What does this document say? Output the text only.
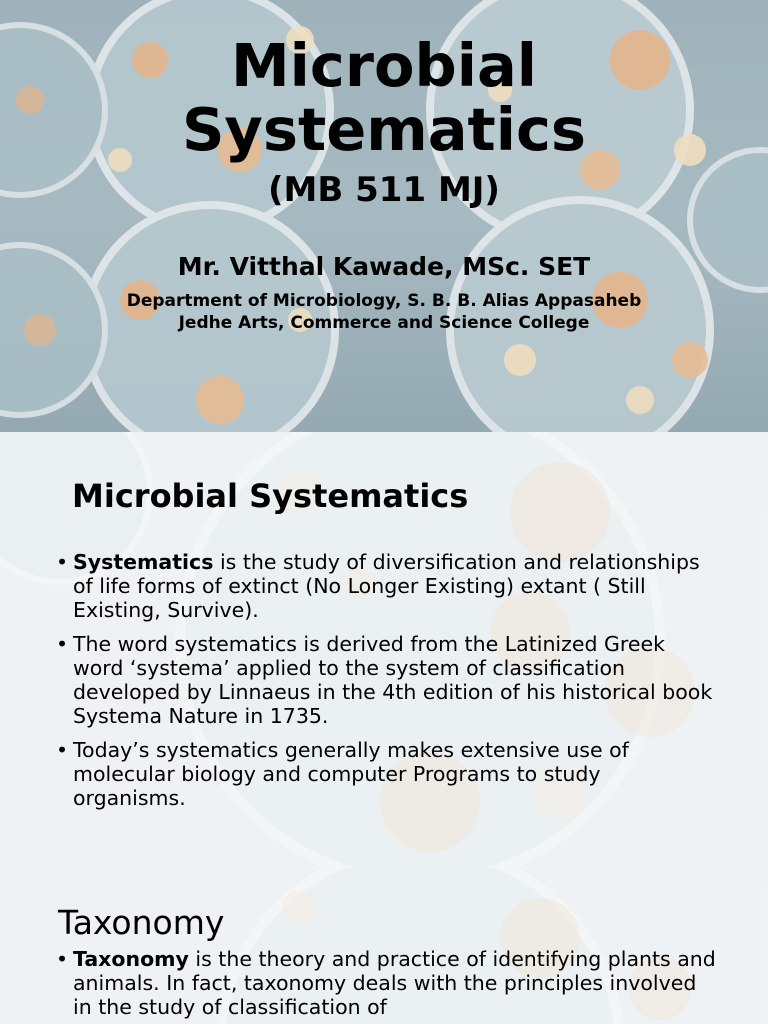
Microbial
Systematics
(MB 511 MJ)
Mr. Vitthal Kawade, MSc. SET
Department of Microbiology, S. B. B. Alias Appasaheb Jedhe Arts, Commerce and Science College
Microbial Systematics
• Systematics is the study of diversification and relationships of life forms of extinct (No Longer Existing) extant ( Still Existing, Survive).
• The word systematics is derived from the Latinized Greek word ‘systema’ applied to the system of classification developed by Linnaeus in the 4th edition of his historical book Systema Nature in 1735.
• Today’s systematics generally makes extensive use of molecular biology and computer Programs to study organisms.
Taxonomy
• Taxonomy is the theory and practice of identifying plants and animals. In fact, taxonomy deals with the principles involved in the study of classification of
